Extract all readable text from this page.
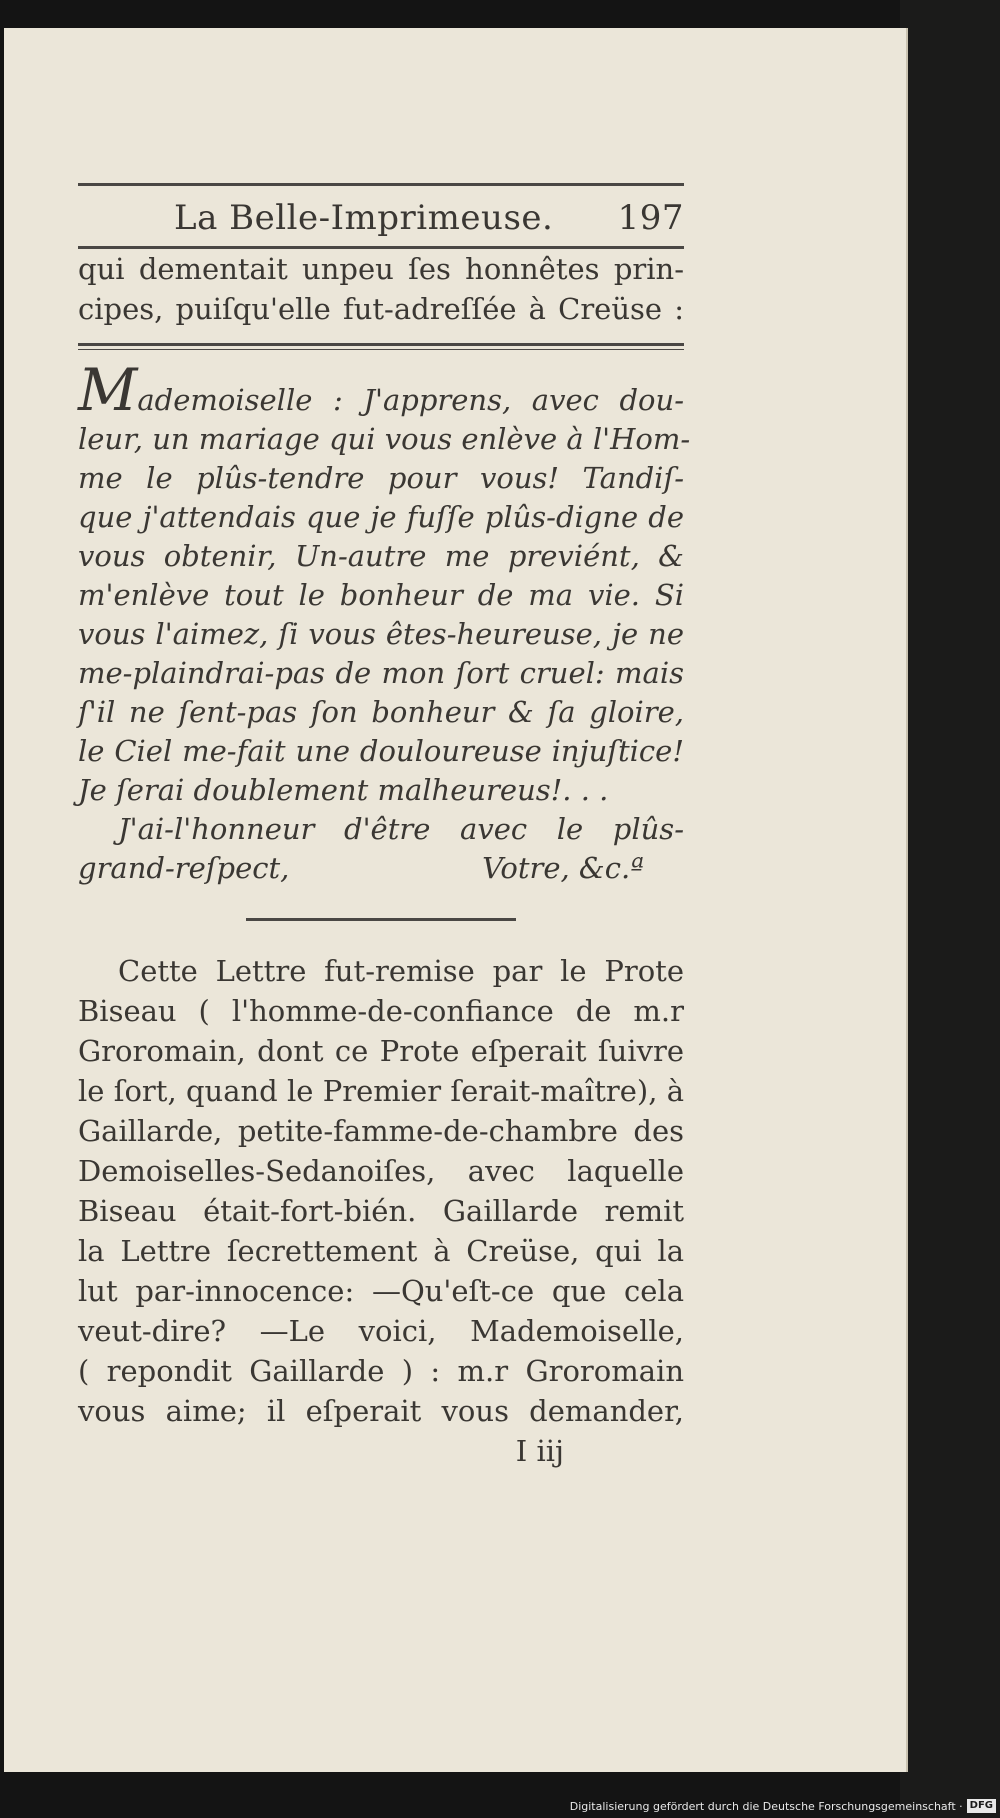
La Belle-Imprimeuse. 197

qui dementait unpeu ſes honnêtes prin-
cipes, puiſqu'elle fut-adreſſée à Creüse :

Mademoiselle : J'apprens, avec dou-
leur, un mariage qui vous enlève à l'Hom-
me le plûs-tendre pour vous! Tandiſ-
que j'attendais que je fuſſe plûs-digne de
vous obtenir, Un-autre me previént, &
m'enlève tout le bonheur de ma vie. Si
vous l'aimez, ſi vous êtes-heureuse, je ne
me-plaindrai-pas de mon ſort cruel: mais
ſ'il ne ſent-pas ſon bonheur & ſa gloire,
le Ciel me-fait une douloureuse injuſtice!
Je ſerai doublement malheureus!. . .
J'ai-l'honneur d'être avec le plûs-
grand-reſpect,	Votre, &c.ª

Cette Lettre fut-remise par le Prote
Biseau ( l'homme-de-confiance de m.r
Groromain, dont ce Prote eſperait ſuivre
le ſort, quand le Premier ſerait-maître), à
Gaillarde, petite-famme-de-chambre des
Demoiselles-Sedanoiſes, avec laquelle
Biseau était-fort-bién. Gaillarde remit
la Lettre ſecrettement à Creüse, qui la
lut par-innocence: —Qu'eſt-ce que cela
veut-dire? —Le voici, Mademoiselle,
( repondit Gaillarde ) : m.r Groromain
vous aime; il eſperait vous demander,

I iij
Digitalisierung gefördert durch die Deutsche Forschungsgemeinschaft · DFG
